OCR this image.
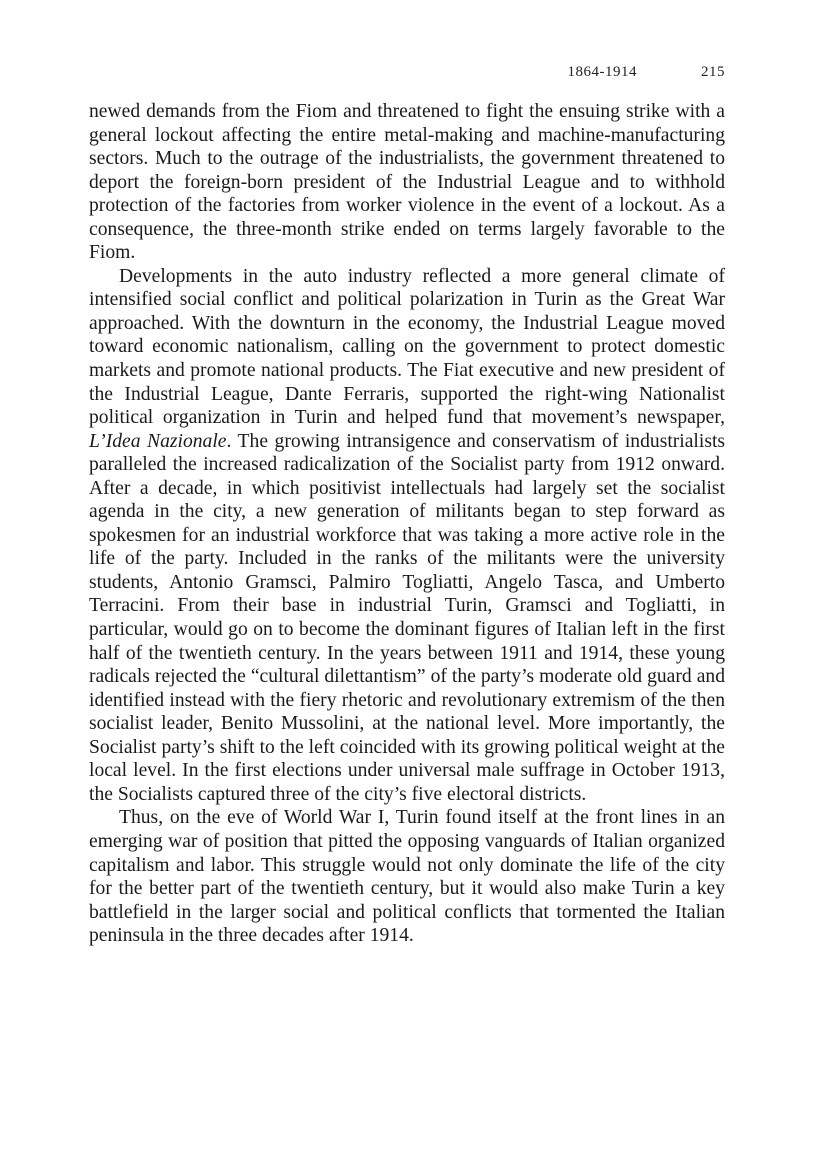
1864-1914	215

newed demands from the Fiom and threatened to fight the ensuing strike with a general lockout affecting the entire metal-making and machine-manufacturing sectors. Much to the outrage of the industrialists, the government threatened to deport the foreign-born president of the Industrial League and to withhold protection of the factories from worker violence in the event of a lockout. As a consequence, the three-month strike ended on terms largely favorable to the Fiom.

Developments in the auto industry reflected a more general climate of intensified social conflict and political polarization in Turin as the Great War approached. With the downturn in the economy, the Industrial League moved toward economic nationalism, calling on the government to protect domestic markets and promote national products. The Fiat executive and new president of the Industrial League, Dante Ferraris, supported the right-wing Nationalist political organization in Turin and helped fund that movement’s newspaper, L’Idea Nazionale. The growing intransigence and conservatism of industrialists paralleled the increased radicalization of the Socialist party from 1912 onward. After a decade, in which positivist intellectuals had largely set the socialist agenda in the city, a new generation of militants began to step forward as spokesmen for an industrial workforce that was taking a more active role in the life of the party. Included in the ranks of the militants were the university students, Antonio Gramsci, Palmiro Togliatti, Angelo Tasca, and Umberto Terracini. From their base in industrial Turin, Gramsci and Togliatti, in particular, would go on to become the dominant figures of Italian left in the first half of the twentieth century. In the years between 1911 and 1914, these young radicals rejected the “cultural dilettantism” of the party’s moderate old guard and identified instead with the fiery rhetoric and revolutionary extremism of the then socialist leader, Benito Mussolini, at the national level. More importantly, the Socialist party’s shift to the left coincided with its growing political weight at the local level. In the first elections under universal male suffrage in October 1913, the Socialists captured three of the city’s five electoral districts.

Thus, on the eve of World War I, Turin found itself at the front lines in an emerging war of position that pitted the opposing vanguards of Italian organized capitalism and labor. This struggle would not only dominate the life of the city for the better part of the twentieth century, but it would also make Turin a key battlefield in the larger social and political conflicts that tormented the Italian peninsula in the three decades after 1914.
